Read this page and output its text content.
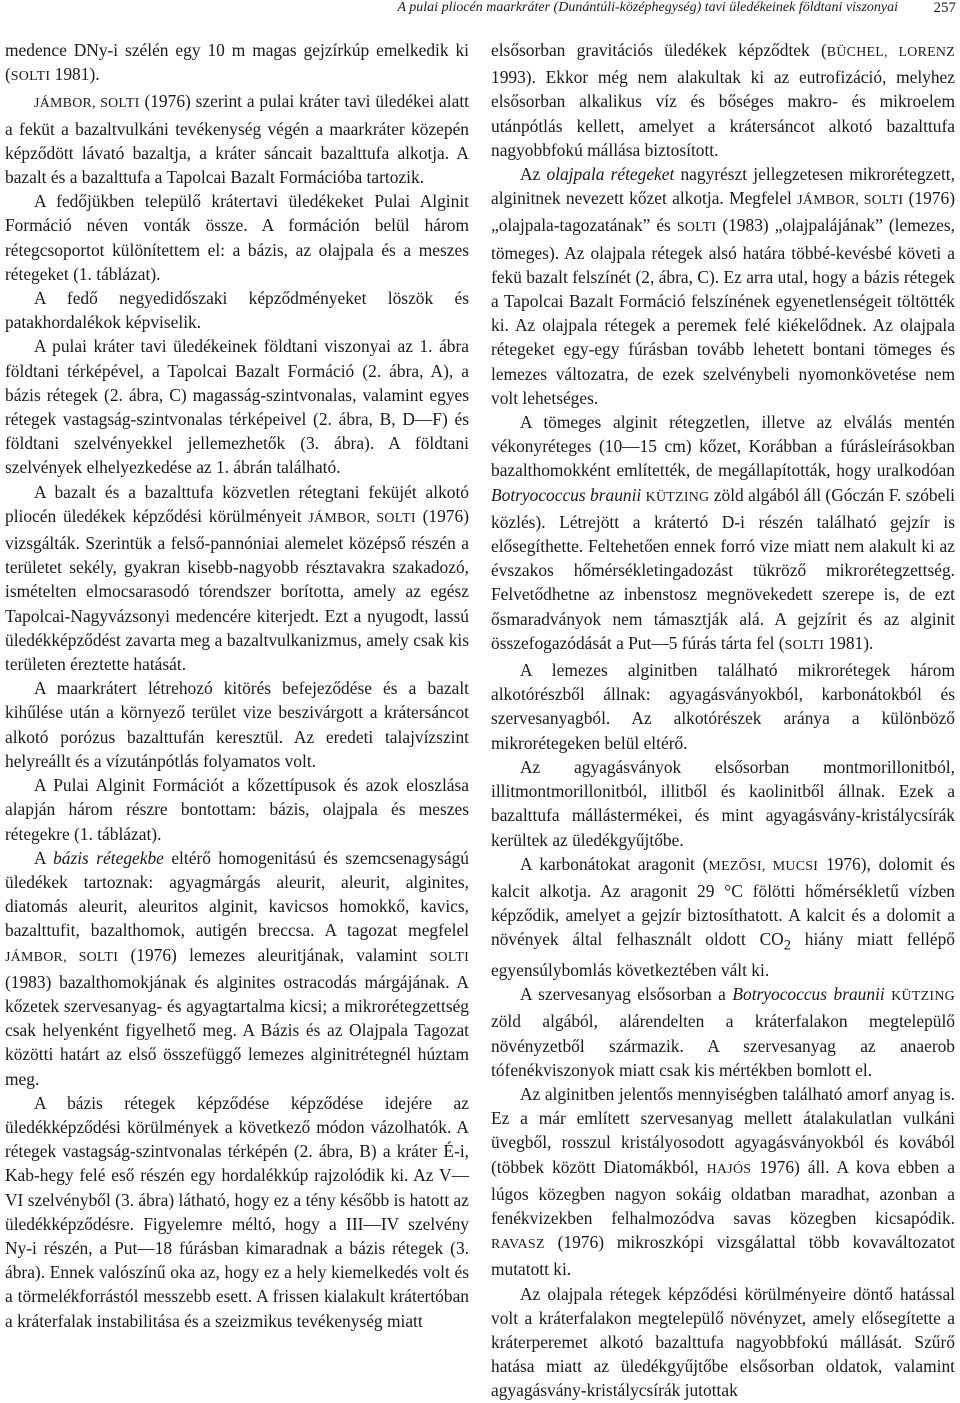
A pulai pliocén maarkráter (Dunántúli-középhegység) tavi üledékeinek földtani viszonyai 257

medence DNy-i szélén egy 10 m magas gejzírkúp emelkedik ki (SOLTI 1981).

JÁMBOR, SOLTI (1976) szerint a pulai kráter tavi üledékei alatt a feküt a bazaltvulkáni tevékenység végén a maarkráter közepén képződött lávató bazaltja, a kráter sáncait bazalttufa alkotja. A bazalt és a bazalttufa a Tapolcai Bazalt Formációba tartozik.

A fedőjükben települő krátertavi üledékeket Pulai Alginit Formáció néven vonták össze. A formáción belül három rétegcsoportot különítettem el: a bázis, az olajpala és a meszes rétegeket (1. táblázat).

A fedő negyedidőszaki képződményeket löszök és patakhordalékok képviselik.

A pulai kráter tavi üledékeinek földtani viszonyai az 1. ábra földtani térképével, a Tapolcai Bazalt Formáció (2. ábra, A), a bázis rétegek (2. ábra, C) magasság-szintvonalas, valamint egyes rétegek vastagság-szintvonalas térképeivel (2. ábra, B, D—F) és földtani szelvényekkel jellemezhetők (3. ábra). A földtani szelvények elhelyezkedése az 1. ábrán található.

A bazalt és a bazalttufa közvetlen rétegtani feküjét alkotó pliocén üledékek képződési körülményeit JÁMBOR, SOLTI (1976) vizsgálták. Szerintük a felső-pannóniai alemelet középső részén a területet sekély, gyakran kisebb-nagyobb résztavakra szakadozó, ismételten elmocsarasodó tórendszer borította, amely az egész Tapolcai-Nagyvázsonyi medencére kiterjedt. Ezt a nyugodt, lassú üledékképződést zavarta meg a bazaltvulkanizmus, amely csak kis területen éreztette hatását.

A maarkrátert létrehozó kitörés befejeződése és a bazalt kihűlése után a környező terület vize beszivárgott a krátersáncot alkotó porózus bazalttufán keresztül. Az eredeti talajvízszint helyreállt és a vízutánpótlás folyamatos volt.

A Pulai Alginit Formációt a kőzettípusok és azok eloszlása alapján három részre bontottam: bázis, olajpala és meszes rétegekre (1. táblázat).

A bázis rétegekbe eltérő homogenitású és szemcsenagyságú üledékek tartoznak: agyagmárgás aleurit, aleurit, alginites, diatomás aleurit, aleuritos alginit, kavicsos homokkő, kavics, bazalttufit, bazalthomok, autigén breccsa. A tagozat megfelel JÁMBOR, SOLTI (1976) lemezes aleuritjának, valamint SOLTI (1983) bazalthomokjának és alginites ostracodás márgájának. A kőzetek szervesanyag- és agyagtartalma kicsi; a mikrorétegzettség csak helyenként figyelhető meg. A Bázis és az Olajpala Tagozat közötti határt az első összefüggő lemezes alginitrétegnél húztam meg.

A bázis rétegek képződése képződése idejére az üledékképződési körülmények a következő módon vázolhatók. A rétegek vastagság-szintvonalas térképén (2. ábra, B) a kráter É-i, Kab-hegy felé eső részén egy hordalékkúp rajzolódik ki. Az V—VI szelvényből (3. ábra) látható, hogy ez a tény később is hatott az üledékképződésre. Figyelemre méltó, hogy a III—IV szelvény Ny-i részén, a Put—18 fúrásban kimaradnak a bázis rétegek (3. ábra). Ennek valószínű oka az, hogy ez a hely kiemelkedés volt és a törmelékforrástól messzebb esett. A frissen kialakult krátertóban a kráterfalak instabilitása és a szeizmikus tevékenység miatt

elsősorban gravitációs üledékek képződtek (BÜCHEL, LORENZ 1993). Ekkor még nem alakultak ki az eutrofizáció, melyhez elsősorban alkalikus víz és bőséges makro- és mikroelem utánpótlás kellett, amelyet a krátersáncot alkotó bazalttufa nagyobbfokú mállása biztosított.

Az olajpala rétegeket nagyrészt jellegzetesen mikrorétegzett, alginitnek nevezett kőzet alkotja. Megfelel JÁMBOR, SOLTI (1976) „olajpala-tagozatának” és SOLTI (1983) „olajpalájának” (lemezes, tömeges). Az olajpala rétegek alsó határa többé-kevésbé követi a fekü bazalt felszínét (2, ábra, C). Ez arra utal, hogy a bázis rétegek a Tapolcai Bazalt Formáció felszínének egyenetlenségeit töltötték ki. Az olajpala rétegek a peremek felé kiékelődnek. Az olajpala rétegeket egy-egy fúrásban tovább lehetett bontani tömeges és lemezes változatra, de ezek szelvénybeli nyomonkövetése nem volt lehetséges.

A tömeges alginit rétegzetlen, illetve az elválás mentén vékonyréteges (10—15 cm) kőzet, Korábban a fúrásleírásokban bazalthomokként említették, de megállapították, hogy uralkodóan Botryococcus braunii KÜTZING zöld algából áll (Góczán F. szóbeli közlés). Létrejött a krátertó D-i részén található gejzír is elősegíthette. Feltehetően ennek forró vize miatt nem alakult ki az évszakos hőmérsékletingadozást tükröző mikrorétegzettség. Felvetődhetne az inbenstosz megnövekedett szerepe is, de ezt ősmaradványok nem támasztják alá. A gejzírit és az alginit összefogazódását a Put—5 fúrás tárta fel (SOLTI 1981).

A lemezes alginitben található mikrorétegek három alkotórészből állnak: agyagásványokból, karbonátokból és szervesanyagból. Az alkotórészek aránya a különböző mikrorétegeken belül eltérő.

Az agyagásványok elsősorban montmorillonitból, illitmontmorillonitból, illitből és kaolinitből állnak. Ezek a bazalttufa mállástermékei, és mint agyagásvány-kristálycsírák kerültek az üledékgyűjtőbe.

A karbonátokat aragonit (MEZŐSI, MUCSI 1976), dolomit és kalcit alkotja. Az aragonit 29 °C fölötti hőmérsékletű vízben képződik, amelyet a gejzír biztosíthatott. A kalcit és a dolomit a növények által felhasznált oldott $CO_2$ hiány miatt fellépő egyensúlybomlás következtében vált ki.

A szervesanyag elsősorban a Botryococcus braunii KÜTZING zöld algából, alárendelten a kráterfalakon megtelepülő növényzetből származik. A szervesanyag az anaerob tófenékviszonyok miatt csak kis mértékben bomlott el.

Az alginitben jelentős mennyiségben található amorf anyag is. Ez a már említett szervesanyag mellett átalakulatlan vulkáni üvegből, rosszul kristályosodott agyagásványokból és kovából (többek között Diatomákból, HAJÓS 1976) áll. A kova ebben a lúgos közegben nagyon sokáig oldatban maradhat, azonban a fenékvizekben felhalmozódva savas közegben kicsapódik. RAVASZ (1976) mikroszkópi vizsgálattal több kovaváltozatot mutatott ki.

Az olajpala rétegek képződési körülményeire döntő hatással volt a kráterfalakon megtelepülő növényzet, amely elősegítette a kráterperemet alkotó bazalttufa nagyobbfokú mállását. Szűrő hatása miatt az üledékgyűjtőbe elsősorban oldatok, valamint agyagásvány-kristálycsírák jutottak
